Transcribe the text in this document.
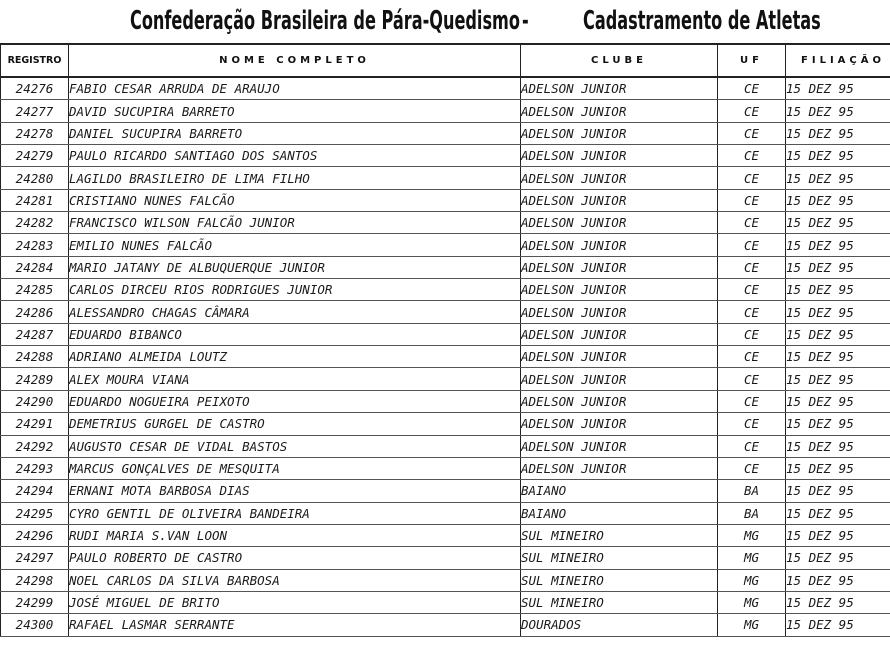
Confederação Brasileira de Pára-Quedismo - Cadastramento de Atletas
REGISTRO	NOME COMPLETO	CLUBE	UF	FILIAÇÃO
24276	FABIO CESAR ARRUDA DE ARAUJO	ADELSON JUNIOR	CE	15 DEZ 95
24277	DAVID SUCUPIRA BARRETO	ADELSON JUNIOR	CE	15 DEZ 95
24278	DANIEL SUCUPIRA BARRETO	ADELSON JUNIOR	CE	15 DEZ 95
24279	PAULO RICARDO SANTIAGO DOS SANTOS	ADELSON JUNIOR	CE	15 DEZ 95
24280	LAGILDO BRASILEIRO DE LIMA FILHO	ADELSON JUNIOR	CE	15 DEZ 95
24281	CRISTIANO NUNES FALCÃO	ADELSON JUNIOR	CE	15 DEZ 95
24282	FRANCISCO WILSON FALCÃO JUNIOR	ADELSON JUNIOR	CE	15 DEZ 95
24283	EMILIO NUNES FALCÃO	ADELSON JUNIOR	CE	15 DEZ 95
24284	MARIO JATANY DE ALBUQUERQUE JUNIOR	ADELSON JUNIOR	CE	15 DEZ 95
24285	CARLOS DIRCEU RIOS RODRIGUES JUNIOR	ADELSON JUNIOR	CE	15 DEZ 95
24286	ALESSANDRO CHAGAS CÂMARA	ADELSON JUNIOR	CE	15 DEZ 95
24287	EDUARDO BIBANCO	ADELSON JUNIOR	CE	15 DEZ 95
24288	ADRIANO ALMEIDA LOUTZ	ADELSON JUNIOR	CE	15 DEZ 95
24289	ALEX MOURA VIANA	ADELSON JUNIOR	CE	15 DEZ 95
24290	EDUARDO NOGUEIRA PEIXOTO	ADELSON JUNIOR	CE	15 DEZ 95
24291	DEMETRIUS GURGEL DE CASTRO	ADELSON JUNIOR	CE	15 DEZ 95
24292	AUGUSTO CESAR DE VIDAL BASTOS	ADELSON JUNIOR	CE	15 DEZ 95
24293	MARCUS GONÇALVES DE MESQUITA	ADELSON JUNIOR	CE	15 DEZ 95
24294	ERNANI MOTA BARBOSA DIAS	BAIANO	BA	15 DEZ 95
24295	CYRO GENTIL DE OLIVEIRA BANDEIRA	BAIANO	BA	15 DEZ 95
24296	RUDI MARIA S.VAN LOON	SUL MINEIRO	MG	15 DEZ 95
24297	PAULO ROBERTO DE CASTRO	SUL MINEIRO	MG	15 DEZ 95
24298	NOEL CARLOS DA SILVA BARBOSA	SUL MINEIRO	MG	15 DEZ 95
24299	JOSÉ MIGUEL DE BRITO	SUL MINEIRO	MG	15 DEZ 95
24300	RAFAEL LASMAR SERRANTE	DOURADOS	MG	15 DEZ 95
